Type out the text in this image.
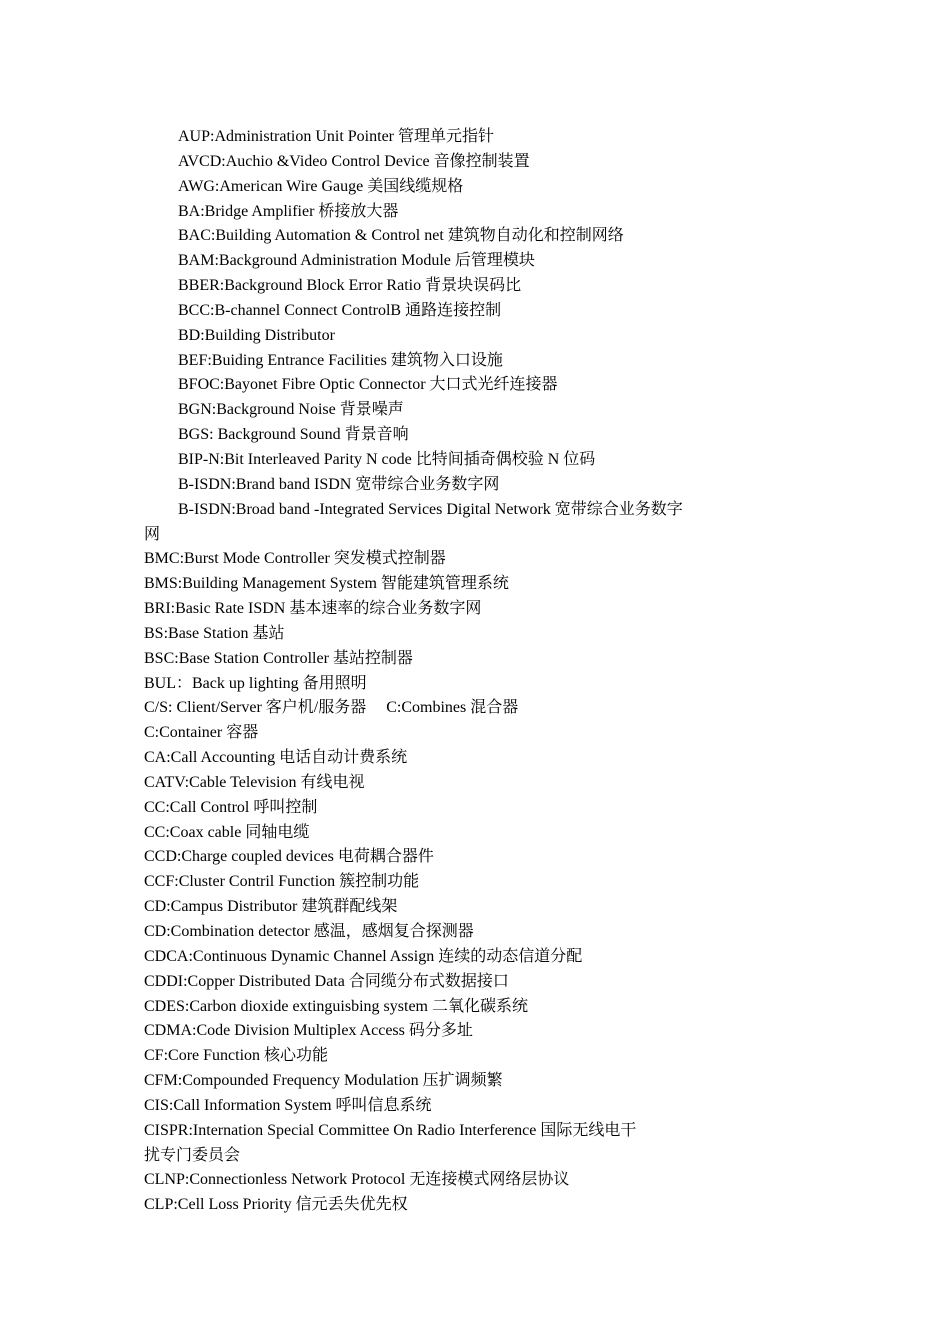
AUP:Administration Unit Pointer 管理单元指针
AVCD:Auchio &Video Control Device 音像控制装置
AWG:American Wire Gauge 美国线缆规格
BA:Bridge Amplifier 桥接放大器
BAC:Building Automation & Control net 建筑物自动化和控制网络
BAM:Background Administration Module 后管理模块
BBER:Background Block Error Ratio 背景块误码比
BCC:B-channel Connect ControlB 通路连接控制
BD:Building Distributor
BEF:Buiding Entrance Facilities 建筑物入口设施
BFOC:Bayonet Fibre Optic Connector 大口式光纤连接器
BGN:Background Noise 背景噪声
BGS: Background Sound 背景音响
BIP-N:Bit Interleaved Parity N code 比特间插奇偶校验 N 位码
B-ISDN:Brand band ISDN 宽带综合业务数字网
B-ISDN:Broad band -Integrated Services Digital Network 宽带综合业务数字
网
BMC:Burst Mode Controller 突发模式控制器
BMS:Building Management System 智能建筑管理系统
BRI:Basic Rate ISDN 基本速率的综合业务数字网
BS:Base Station 基站
BSC:Base Station Controller 基站控制器
BUL：Back up lighting 备用照明
C/S: Client/Server 客户机/服务器　 C:Combines 混合器
C:Container 容器
CA:Call Accounting 电话自动计费系统
CATV:Cable Television 有线电视
CC:Call Control 呼叫控制
CC:Coax cable 同轴电缆
CCD:Charge coupled devices 电荷耦合器件
CCF:Cluster Contril Function 簇控制功能
CD:Campus Distributor 建筑群配线架
CD:Combination detector 感温，感烟复合探测器
CDCA:Continuous Dynamic Channel Assign 连续的动态信道分配
CDDI:Copper Distributed Data 合同缆分布式数据接口
CDES:Carbon dioxide extinguisbing system 二氧化碳系统
CDMA:Code Division Multiplex Access 码分多址
CF:Core Function 核心功能
CFM:Compounded Frequency Modulation 压扩调频繁
CIS:Call Information System 呼叫信息系统
CISPR:Internation Special Committee On Radio Interference 国际无线电干
扰专门委员会
CLNP:Connectionless Network Protocol 无连接模式网络层协议
CLP:Cell Loss Priority 信元丢失优先权
